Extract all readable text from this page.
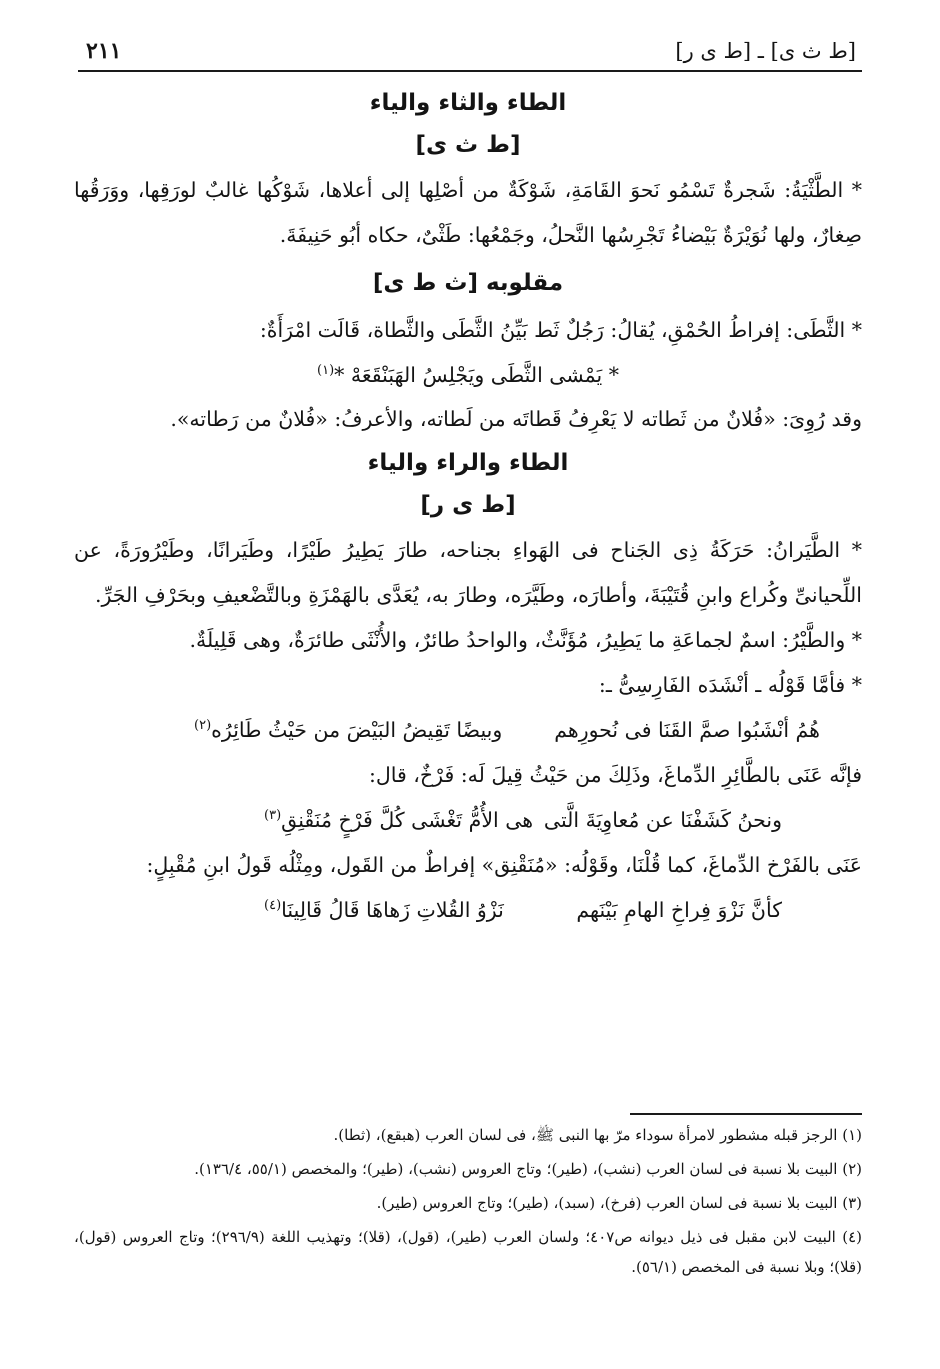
٢١١	[ط ث ى] ـ [ط ى ر]
الطاء والثاء والياء
[ط ث ى]

* الطَّثْيَةُ: شَجرةٌ تَسْمُو نَحوَ القَامَةِ، شَوْكَةٌ من أصْلِها إلى أعلاها، شَوْكُها غالبٌ لورَقِها، ووَرَقُها صِغارٌ، ولها نُوَيْرَةٌ بَيْضاءُ تَجْرِسُها النَّحلُ، وجَمْعُها: طَثْىٌ، حكاه أبُو حَنِيفَةَ.

مقلوبه [ث ط ى]

* الثَّطَى: إفراطُ الحُمْقِ، يُقالُ: رَجُلٌ ثَط بَيِّنُ الثَّطَى والثَّطاة، قَالَت امْرَأَةٌ:

* يَمْشى الثَّطَى ويَجْلِسُ الهَبَنْقَعَهْ *$^{(١)}$

وقد رُوِىَ: «فُلانٌ من ثَطاته لا يَعْرِفُ قَطاتَه من لَطاته، والأعرفُ: «فُلانٌ من رَطاته».

الطاء والراء والياء
[ط ى ر]

* الطَّيَرانُ: حَرَكَةُ ذِى الجَناح فى الهَواءِ بجناحه، طارَ يَطِيرُ طَيْرًا، وطَيَرانًا، وطَيْرُورَةً، عن اللِّحيانىِّ وكُراع وابنِ قُتَيْبَةَ، وأطارَه، وطَيَّرَه، وطارَ به، يُعَدَّى بالهَمْزَةِ وبالتَّضْعيفِ وبحَرْفِ الجَرِّ.

* والطَّيْرُ: اسمٌ لجماعَةِ ما يَطِيرُ، مُؤَنَّثٌ، والواحدُ طائرٌ، والأُنْثَى طائرَةٌ، وهى قَلِيلَةٌ.

* فأمَّا قَوْلُه ـ أنْشَدَه الفَارِسِىُّ ـ:

هُمُ أنْشَبُوا صمَّ القَنَا فى نُحورِهم
وبيضًا تَقِيضُ البَيْضَ من حَيْثُ طَائِرُه$^{(٢)}$

فإنَّه عَنَى بالطَّائِرِ الدِّماغَ، وذَلِكَ من حَيْثُ قِيلَ لَه: فَرْخٌ، قال:

ونحنُ كَشَفْنَا عن مُعاوِيَةَ الَّتى
هى الأُمُّ تَغْشَى كُلَّ فَرْخٍ مُنَقْنِقِ$^{(٣)}$

عَنَى بالفَرْخ الدِّماغَ، كما قُلْنَا، وقَوْلُه: «مُنَقْنِق» إفراطٌ من القَول، ومِثْلُه قَولُ ابنِ مُقْبِلٍ:

كأنَّ نَزْوَ فِراخِ الهامِ بَيْنَهم
نَزْوُ القُلاتِ زَهاهَا قَالُ قَالِينَا$^{(٤)}$

(١) الرجز قبله مشطور لامرأة سوداء مرّ بها النبى ﷺ، فى لسان العرب (هبقع)، (ثطا).

(٢) البيت بلا نسبة فى لسان العرب (نشب)، (طير)؛ وتاج العروس (نشب)، (طير)؛ والمخصص (٥٥/١، ١٣٦/٤).

(٣) البيت بلا نسبة فى لسان العرب (فرخ)، (سبد)، (طير)؛ وتاج العروس (طير).

(٤) البيت لابن مقبل فى ذيل ديوانه ص٤٠٧؛ ولسان العرب (طير)، (قول)، (قلا)؛ وتهذيب اللغة (٢٩٦/٩)؛ وتاج العروس (قول)، (قلا)؛ وبلا نسبة فى المخصص (٥٦/١).
